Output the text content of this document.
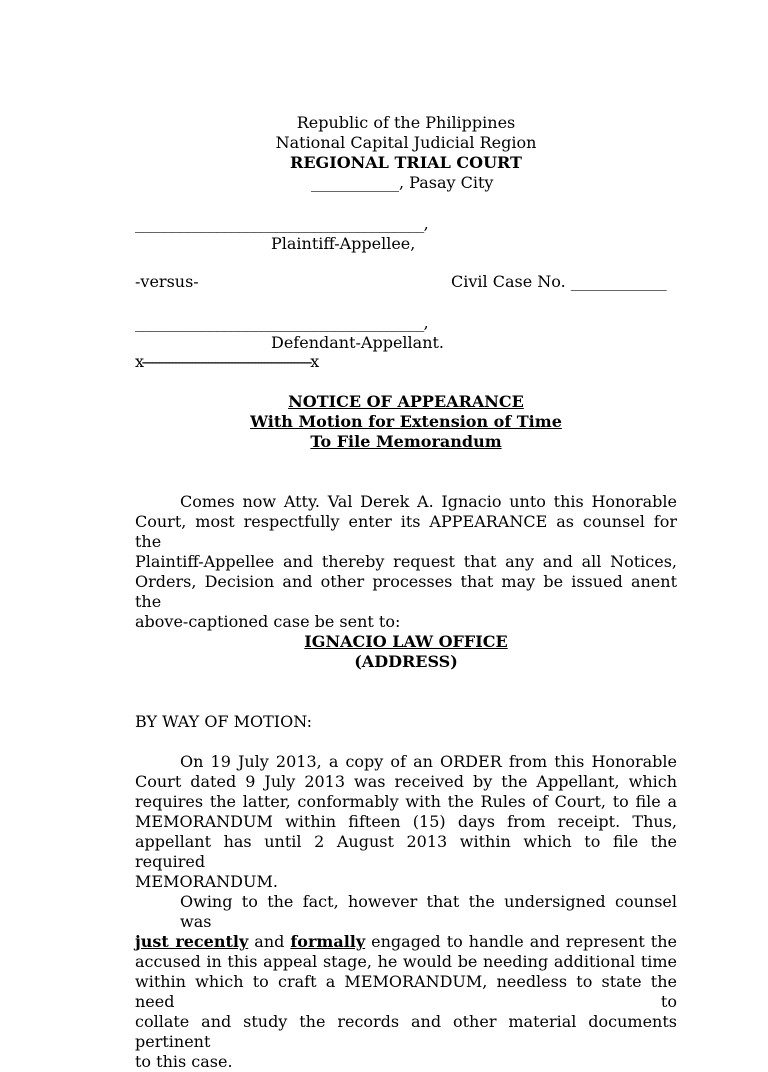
Republic of the Philippines
National Capital Judicial Region
REGIONAL TRIAL COURT
___________, Pasay City
_______________________________________,
Plaintiff-Appellee,
-versus-	Civil Case No. ____________
_______________________________________,
Defendant-Appellant.
x---------------------------------------------------x
NOTICE OF APPEARANCE
With Motion for Extension of Time
To File Memorandum
Comes now Atty. Val Derek A. Ignacio unto this Honorable
Court, most respectfully enter its APPEARANCE as counsel for the
Plaintiff-Appellee and thereby request that any and all Notices,
Orders, Decision and other processes that may be issued anent the
above-captioned case be sent to:
IGNACIO LAW OFFICE
(ADDRESS)
BY WAY OF MOTION:
On 19 July 2013, a copy of an ORDER from this Honorable
Court dated 9 July 2013 was received by the Appellant, which
requires the latter, conformably with the Rules of Court, to file a
MEMORANDUM within fifteen (15) days from receipt. Thus,
appellant has until 2 August 2013 within which to file the required
MEMORANDUM.
Owing to the fact, however that the undersigned counsel was
just recently and formally engaged to handle and represent the
accused in this appeal stage, he would be needing additional time
within which to craft a MEMORANDUM, needless to state the need to
collate and study the records and other material documents pertinent
to this case.
